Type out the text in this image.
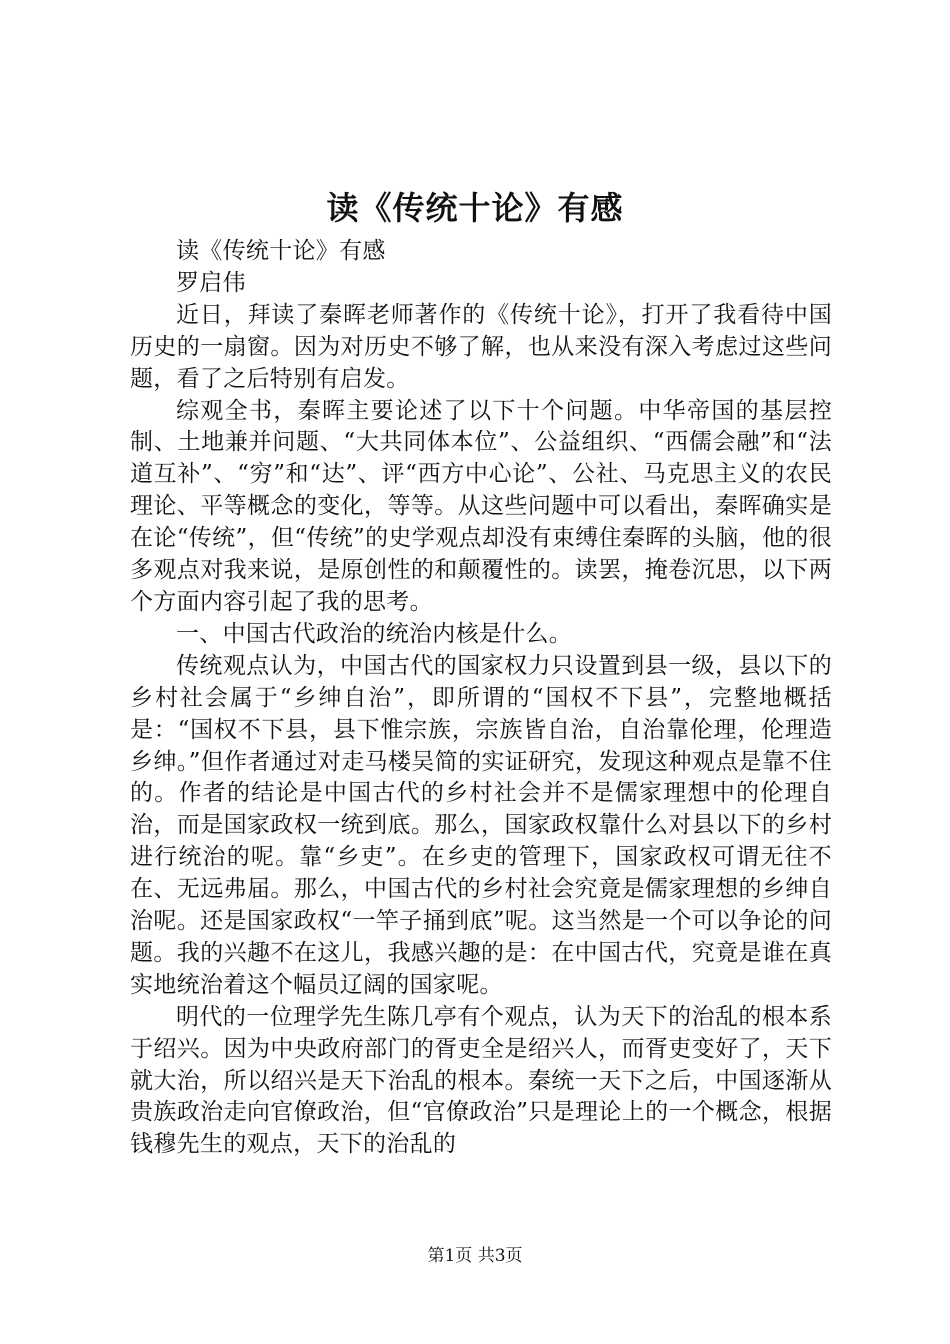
读《传统十论》有感

读《传统十论》有感

罗启伟

近日，拜读了秦晖老师著作的《传统十论》，打开了我看待中国历史的一扇窗。因为对历史不够了解，也从来没有深入考虑过这些问题，看了之后特别有启发。

综观全书，秦晖主要论述了以下十个问题。中华帝国的基层控制、土地兼并问题、“大共同体本位”、公益组织、“西儒会融”和“法道互补”、“穷”和“达”、评“西方中心论”、公社、马克思主义的农民理论、平等概念的变化，等等。从这些问题中可以看出，秦晖确实是在论“传统”，但“传统”的史学观点却没有束缚住秦晖的头脑，他的很多观点对我来说，是原创性的和颠覆性的。读罢，掩卷沉思，以下两个方面内容引起了我的思考。

一、中国古代政治的统治内核是什么。

传统观点认为，中国古代的国家权力只设置到县一级，县以下的乡村社会属于“乡绅自治”，即所谓的“国权不下县”，完整地概括是：“国权不下县，县下惟宗族，宗族皆自治，自治靠伦理，伦理造乡绅。”但作者通过对走马楼吴简的实证研究，发现这种观点是靠不住的。作者的结论是中国古代的乡村社会并不是儒家理想中的伦理自治，而是国家政权一统到底。那么，国家政权靠什么对县以下的乡村进行统治的呢。靠“乡吏”。在乡吏的管理下，国家政权可谓无往不在、无远弗届。那么，中国古代的乡村社会究竟是儒家理想的乡绅自治呢。还是国家政权“一竿子捅到底”呢。这当然是一个可以争论的问题。我的兴趣不在这儿，我感兴趣的是：在中国古代，究竟是谁在真实地统治着这个幅员辽阔的国家呢。

明代的一位理学先生陈几亭有个观点，认为天下的治乱的根本系于绍兴。因为中央政府部门的胥吏全是绍兴人，而胥吏变好了，天下就大治，所以绍兴是天下治乱的根本。秦统一天下之后，中国逐渐从贵族政治走向官僚政治，但“官僚政治”只是理论上的一个概念，根据钱穆先生的观点，天下的治乱的

第1页 共3页
